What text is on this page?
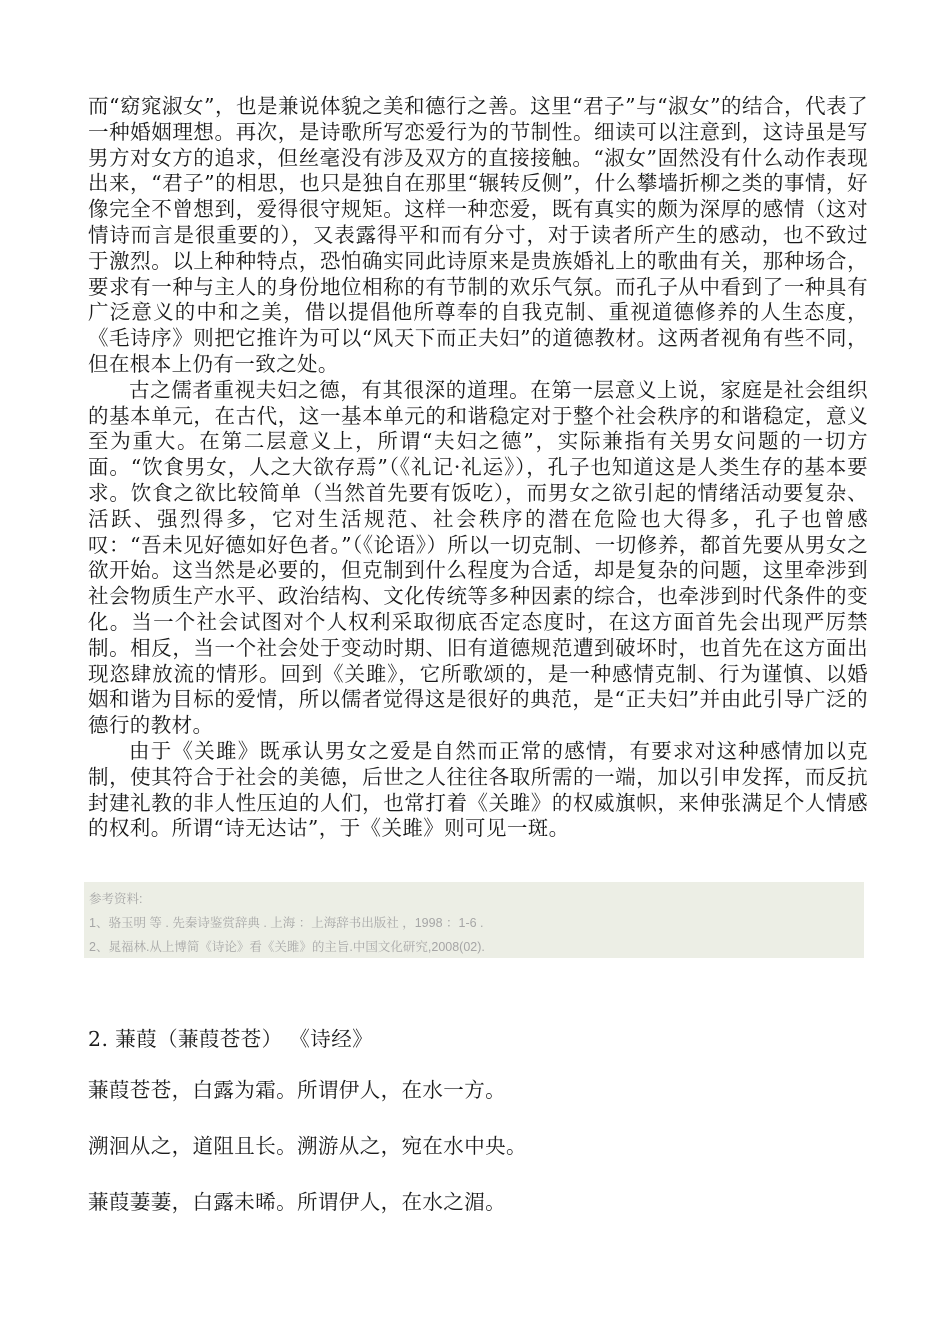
而“窈窕淑女”，也是兼说体貌之美和德行之善。这里“君子”与“淑女”的结合，代表了一种婚姻理想。再次，是诗歌所写恋爱行为的节制性。细读可以注意到，这诗虽是写男方对女方的追求，但丝毫没有涉及双方的直接接触。“淑女”固然没有什么动作表现出来，“君子”的相思，也只是独自在那里“辗转反侧”，什么攀墙折柳之类的事情，好像完全不曾想到，爱得很守规矩。这样一种恋爱，既有真实的颇为深厚的感情（这对情诗而言是很重要的），又表露得平和而有分寸，对于读者所产生的感动，也不致过于激烈。以上种种特点，恐怕确实同此诗原来是贵族婚礼上的歌曲有关，那种场合，要求有一种与主人的身份地位相称的有节制的欢乐气氛。而孔子从中看到了一种具有广泛意义的中和之美，借以提倡他所尊奉的自我克制、重视道德修养的人生态度，《毛诗序》则把它推许为可以“风天下而正夫妇”的道德教材。这两者视角有些不同，但在根本上仍有一致之处。

古之儒者重视夫妇之德，有其很深的道理。在第一层意义上说，家庭是社会组织的基本单元，在古代，这一基本单元的和谐稳定对于整个社会秩序的和谐稳定，意义至为重大。在第二层意义上，所谓“夫妇之德”，实际兼指有关男女问题的一切方面。“饮食男女，人之大欲存焉”（《礼记·礼运》），孔子也知道这是人类生存的基本要求。饮食之欲比较简单（当然首先要有饭吃），而男女之欲引起的情绪活动要复杂、活跃、强烈得多，它对生活规范、社会秩序的潜在危险也大得多，孔子也曾感叹：“吾未见好德如好色者。”（《论语》）所以一切克制、一切修养，都首先要从男女之欲开始。这当然是必要的，但克制到什么程度为合适，却是复杂的问题，这里牵涉到社会物质生产水平、政治结构、文化传统等多种因素的综合，也牵涉到时代条件的变化。当一个社会试图对个人权利采取彻底否定态度时，在这方面首先会出现严厉禁制。相反，当一个社会处于变动时期、旧有道德规范遭到破坏时，也首先在这方面出现恣肆放流的情形。回到《关雎》，它所歌颂的，是一种感情克制、行为谨慎、以婚姻和谐为目标的爱情，所以儒者觉得这是很好的典范，是“正夫妇”并由此引导广泛的德行的教材。

由于《关雎》既承认男女之爱是自然而正常的感情，有要求对这种感情加以克制，使其符合于社会的美德，后世之人往往各取所需的一端，加以引申发挥，而反抗封建礼教的非人性压迫的人们，也常打着《关雎》的权威旗帜，来伸张满足个人情感的权利。所谓“诗无达诂”，于《关雎》则可见一斑。

参考资料:
1、骆玉明 等 . 先秦诗鉴赏辞典 . 上海 ：上海辞书出版社 ，1998 ：1-6 .
2、晁福林.从上博简《诗论》看《关雎》的主旨.中国文化研究,2008(02).
2. 蒹葭（蒹葭苍苍） 《诗经》
蒹葭苍苍，白露为霜。所谓伊人，在水一方。
溯洄从之，道阻且长。溯游从之，宛在水中央。
蒹葭萋萋，白露未晞。所谓伊人，在水之湄。
